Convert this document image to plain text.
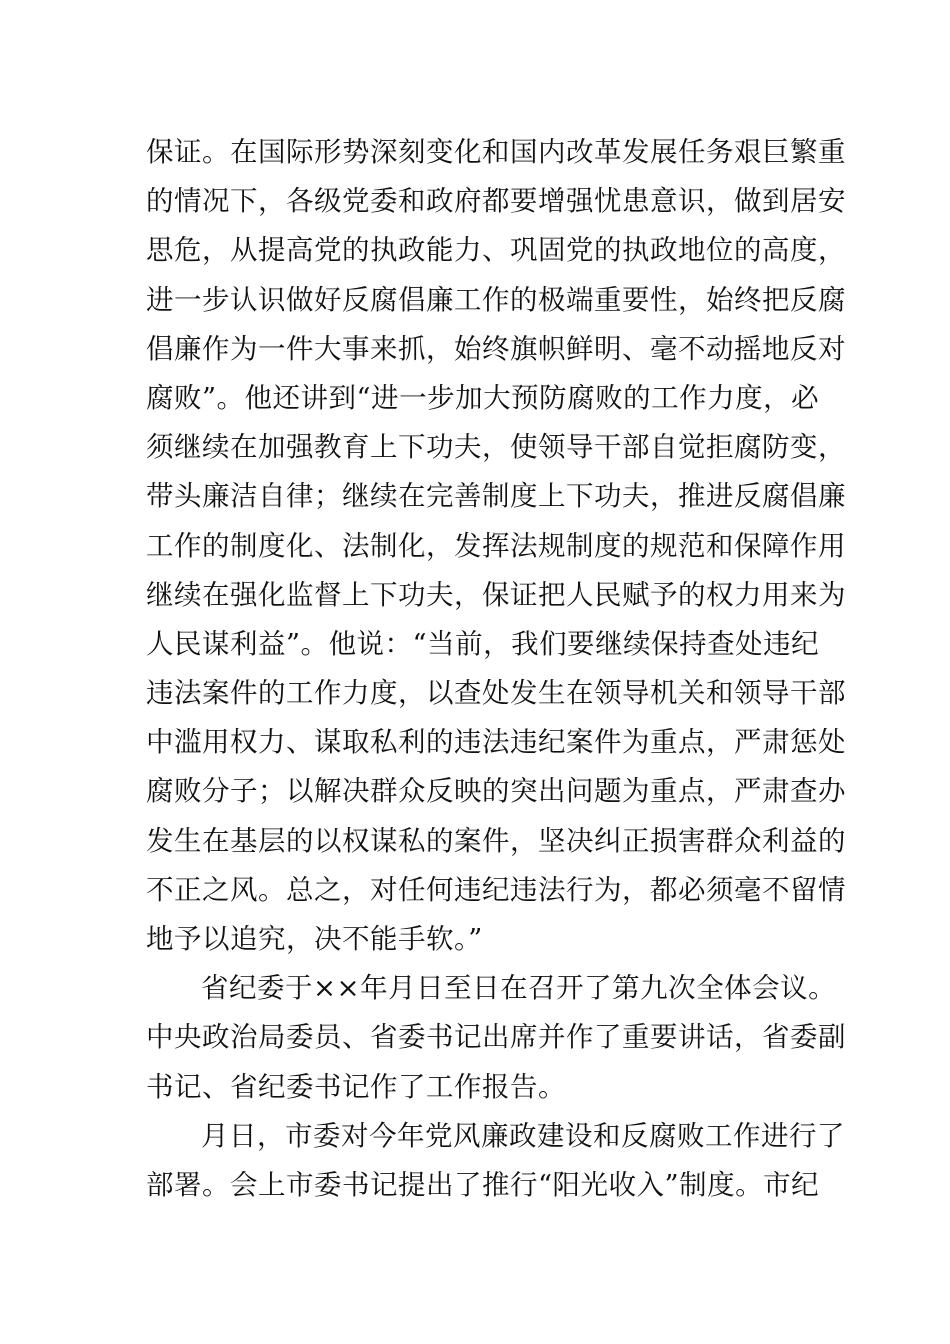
保证。在国际形势深刻变化和国内改革发展任务艰巨繁重
的情况下，各级党委和政府都要增强忧患意识，做到居安
思危，从提高党的执政能力、巩固党的执政地位的高度，
进一步认识做好反腐倡廉工作的极端重要性，始终把反腐
倡廉作为一件大事来抓，始终旗帜鲜明、毫不动摇地反对
腐败”。他还讲到“进一步加大预防腐败的工作力度，必
须继续在加强教育上下功夫，使领导干部自觉拒腐防变，
带头廉洁自律；继续在完善制度上下功夫，推进反腐倡廉
工作的制度化、法制化，发挥法规制度的规范和保障作用
继续在强化监督上下功夫，保证把人民赋予的权力用来为
人民谋利益”。他说：“当前，我们要继续保持查处违纪
违法案件的工作力度，以查处发生在领导机关和领导干部
中滥用权力、谋取私利的违法违纪案件为重点，严肃惩处
腐败分子；以解决群众反映的突出问题为重点，严肃查办
发生在基层的以权谋私的案件，坚决纠正损害群众利益的
不正之风。总之，对任何违纪违法行为，都必须毫不留情
地予以追究，决不能手软。”
省纪委于××年月日至日在召开了第九次全体会议。
中央政治局委员、省委书记出席并作了重要讲话，省委副
书记、省纪委书记作了工作报告。
月日，市委对今年党风廉政建设和反腐败工作进行了
部署。会上市委书记提出了推行“阳光收入”制度。市纪
